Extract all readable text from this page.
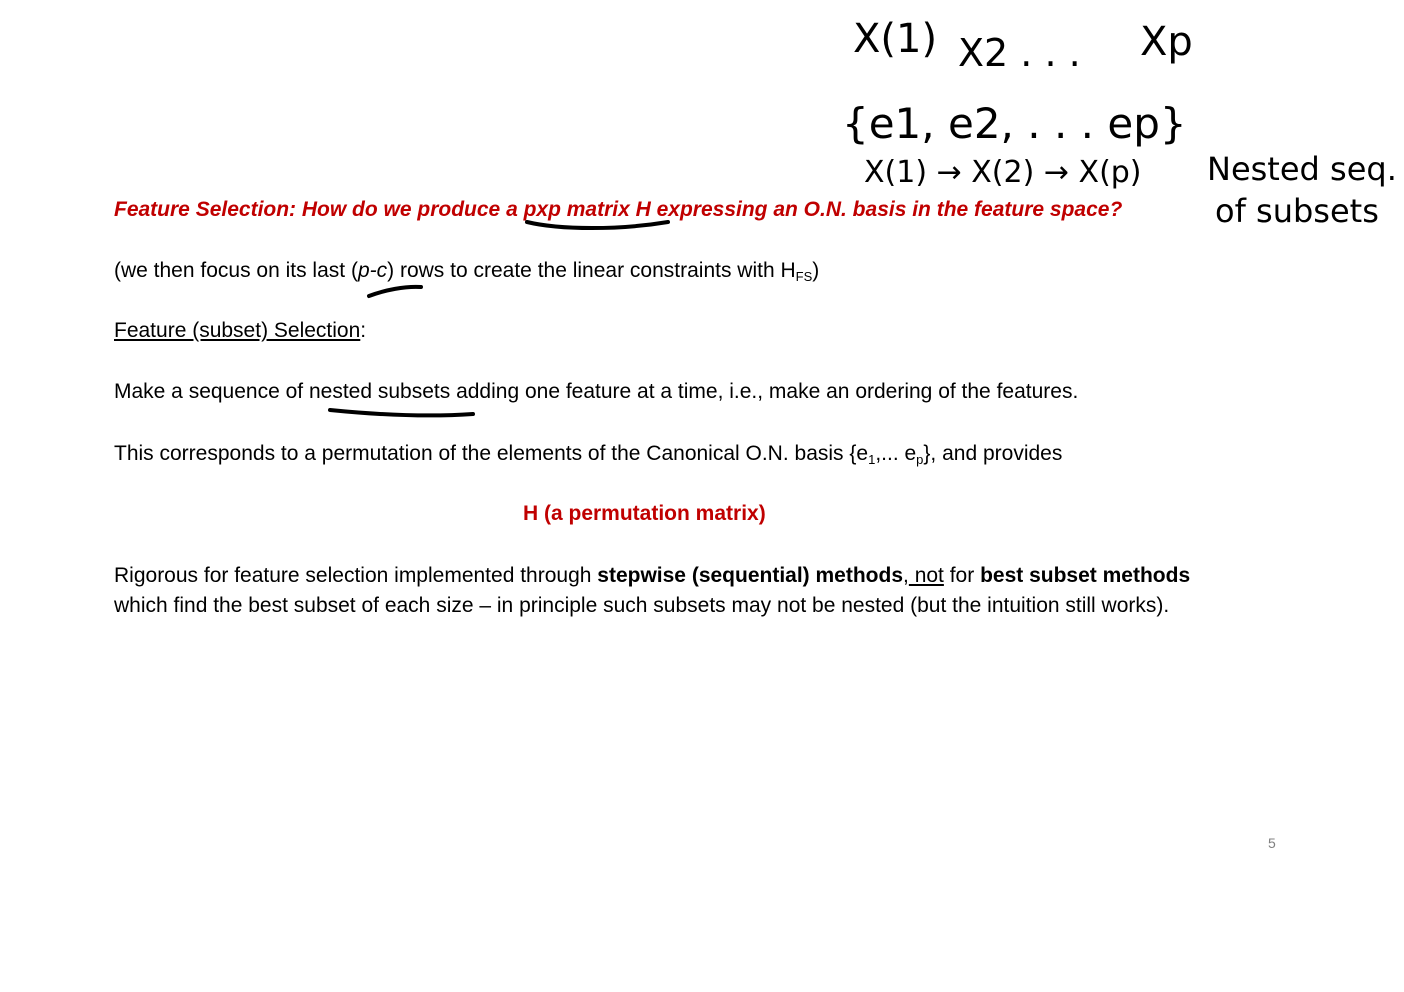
Feature Selection: How do we produce a pxp matrix H expressing an O.N. basis in the feature space?
(we then focus on its last (p-c) rows to create the linear constraints with $H_{FS}$)
Feature (subset) Selection:
Make a sequence of nested subsets adding one feature at a time, i.e., make an ordering of the features.
This corresponds to a permutation of the elements of the Canonical O.N. basis {$e_1$,... $e_p$}, and provides
H (a permutation matrix)
Rigorous for feature selection implemented through stepwise (sequential) methods, not for best subset methods
which find the best subset of each size – in principle such subsets may not be nested (but the intuition still works).
5
X(1) X2 . . . Xp
{e1, e2, . . . ep}
X(1) → X(2) → X(p) Nested seq.
of subsets
